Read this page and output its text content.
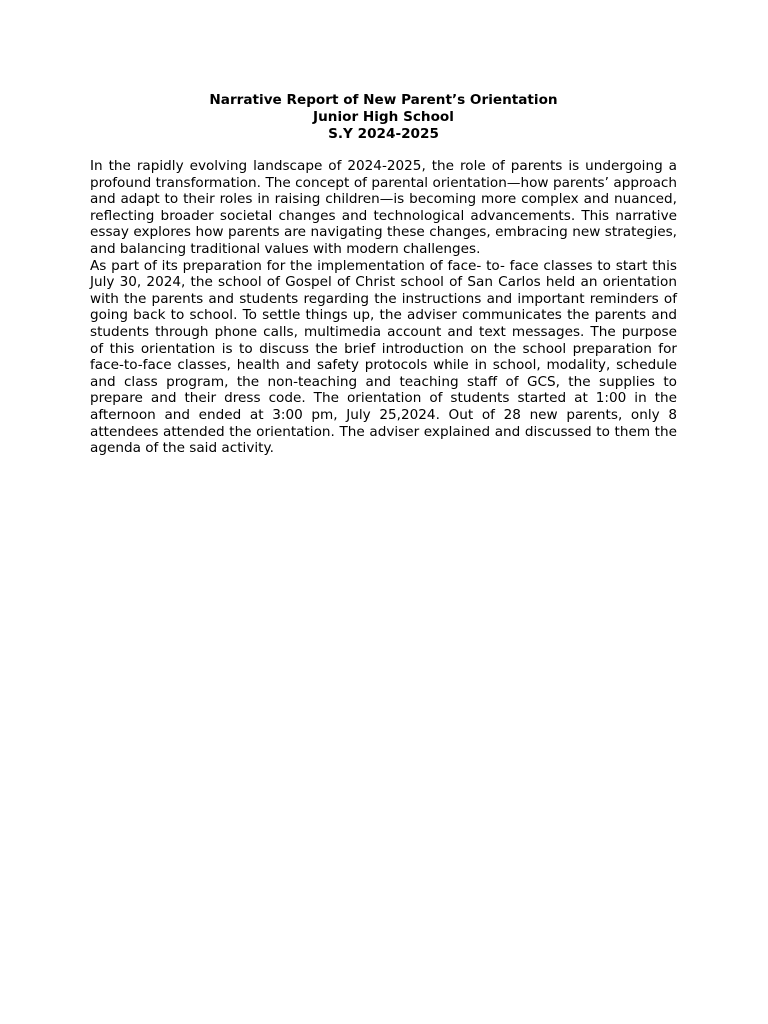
Narrative Report of New Parent’s Orientation
Junior High School
S.Y 2024-2025

In the rapidly evolving landscape of 2024-2025, the role of parents is undergoing a profound transformation. The concept of parental orientation—how parents’ approach and adapt to their roles in raising children—is becoming more complex and nuanced, reflecting broader societal changes and technological advancements. This narrative essay explores how parents are navigating these changes, embracing new strategies, and balancing traditional values with modern challenges.

As part of its preparation for the implementation of face- to- face classes to start this July 30, 2024, the school of Gospel of Christ school of San Carlos held an orientation with the parents and students regarding the instructions and important reminders of going back to school. To settle things up, the adviser communicates the parents and students through phone calls, multimedia account and text messages. The purpose of this orientation is to discuss the brief introduction on the school preparation for face-to-face classes, health and safety protocols while in school, modality, schedule and class program, the non-teaching and teaching staff of GCS, the supplies to prepare and their dress code. The orientation of students started at 1:00 in the afternoon and ended at 3:00 pm, July 25,2024. Out of 28 new parents, only 8 attendees attended the orientation. The adviser explained and discussed to them the agenda of the said activity.
